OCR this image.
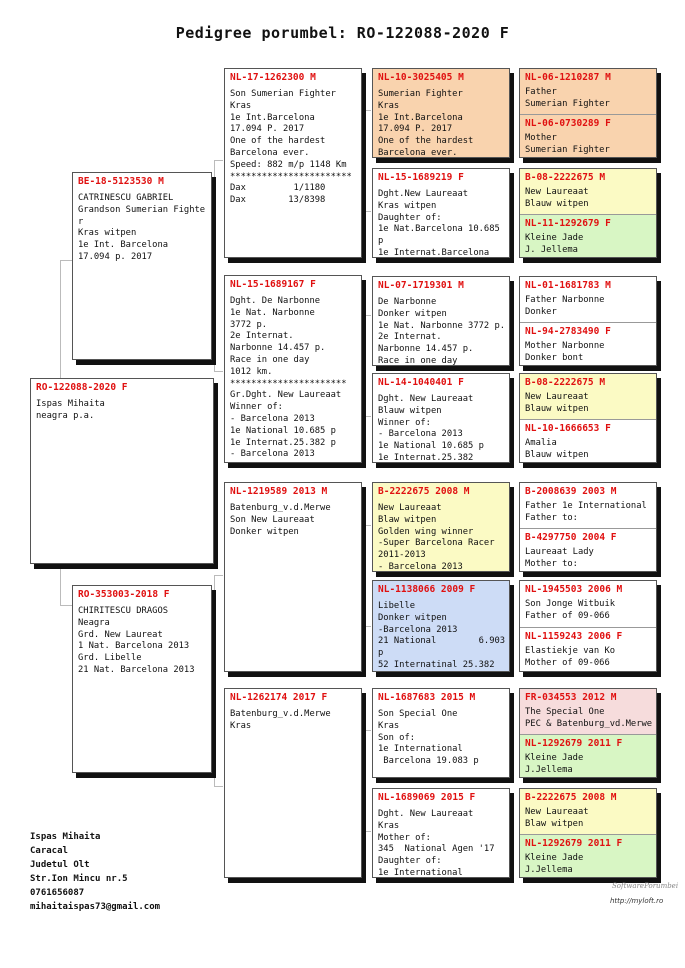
Pedigree porumbel: RO-122088-2020 F
RO-122088-2020 F
Ispas Mihaita
neagra p.a.
BE-18-5123530 M
CATRINESCU GABRIEL
Grandson Sumerian Fighte
r
Kras witpen
1e Int. Barcelona
17.094 p. 2017
RO-353003-2018 F
CHIRITESCU DRAGOS
Neagra
Grd. New Laureat
1 Nat. Barcelona 2013
Grd. Libelle
21 Nat. Barcelona 2013
NL-17-1262300 M
Son Sumerian Fighter
Kras
1e Int.Barcelona
17.094 P. 2017
One of the hardest
Barcelona ever.
Speed: 882 m/p 1148 Km
***********************
Dax         1/1180
Dax        13/8398
NL-15-1689167 F
Dght. De Narbonne
1e Nat. Narbonne
3772 p.
2e Internat.
Narbonne 14.457 p.
Race in one day
1012 km.
**********************
Gr.Dght. New Laureaat
Winner of:
- Barcelona 2013
1e National 10.685 p
1e Internat.25.382 p
- Barcelona 2013
NL-1219589 2013 M
Batenburg_v.d.Merwe
Son New Laureaat
Donker witpen
NL-1262174 2017 F
Batenburg_v.d.Merwe
Kras
NL-10-3025405 M
Sumerian Fighter
Kras
1e Int.Barcelona
17.094 P. 2017
One of the hardest
Barcelona ever.
NL-15-1689219 F
Dght.New Laureaat
Kras witpen
Daughter of:
1e Nat.Barcelona 10.685
p
1e Internat.Barcelona
NL-07-1719301 M
De Narbonne
Donker witpen
1e Nat. Narbonne 3772 p.
2e Internat.
Narbonne 14.457 p.
Race in one day
NL-14-1040401 F
Dght. New Laureaat
Blauw witpen
Winner of:
- Barcelona 2013
1e National 10.685 p
1e Internat.25.382
B-2222675 2008 M
New Laureaat
Blaw witpen
Golden wing winner
-Super Barcelona Racer
2011-2013
- Barcelona 2013
NL-1138066 2009 F
Libelle
Donker witpen
-Barcelona 2013
21 National        6.903
p
52 Internatinal 25.382
NL-1687683 2015 M
Son Special One
Kras
Son of:
1e International
Barcelona 19.083 p
NL-1689069 2015 F
Dght. New Laureaat
Kras
Mother of:
345  National Agen '17
Daughter of:
1e International
NL-06-1210287 M
Father
Sumerian Fighter
NL-06-0730289 F
Mother
Sumerian Fighter
B-08-2222675 M
New Laureaat
Blauw witpen
NL-11-1292679 F
Kleine Jade
J. Jellema
NL-01-1681783 M
Father Narbonne
Donker
NL-94-2783490 F
Mother Narbonne
Donker bont
B-08-2222675 M
New Laureaat
Blauw witpen
NL-10-1666653 F
Amalia
Blauw witpen
B-2008639 2003 M
Father 1e International
Father to:
B-4297750 2004 F
Laureaat Lady
Mother to:
NL-1945503 2006 M
Son Jonge Witbuik
Father of 09-066
NL-1159243 2006 F
Elastiekje van Ko
Mother of 09-066
FR-034553 2012 M
The Special One
PEC & Batenburg_vd.Merwe
NL-1292679 2011 F
Kleine Jade
J.Jellema
B-2222675 2008 M
New Laureaat
Blaw witpen
NL-1292679 2011 F
Kleine Jade
J.Jellema
Ispas Mihaita
Caracal
Judetul Olt
Str.Ion Mincu nr.5
0761656087
mihaitaispas73@gmail.com
SoftwarePorumbei
http://myloft.ro
